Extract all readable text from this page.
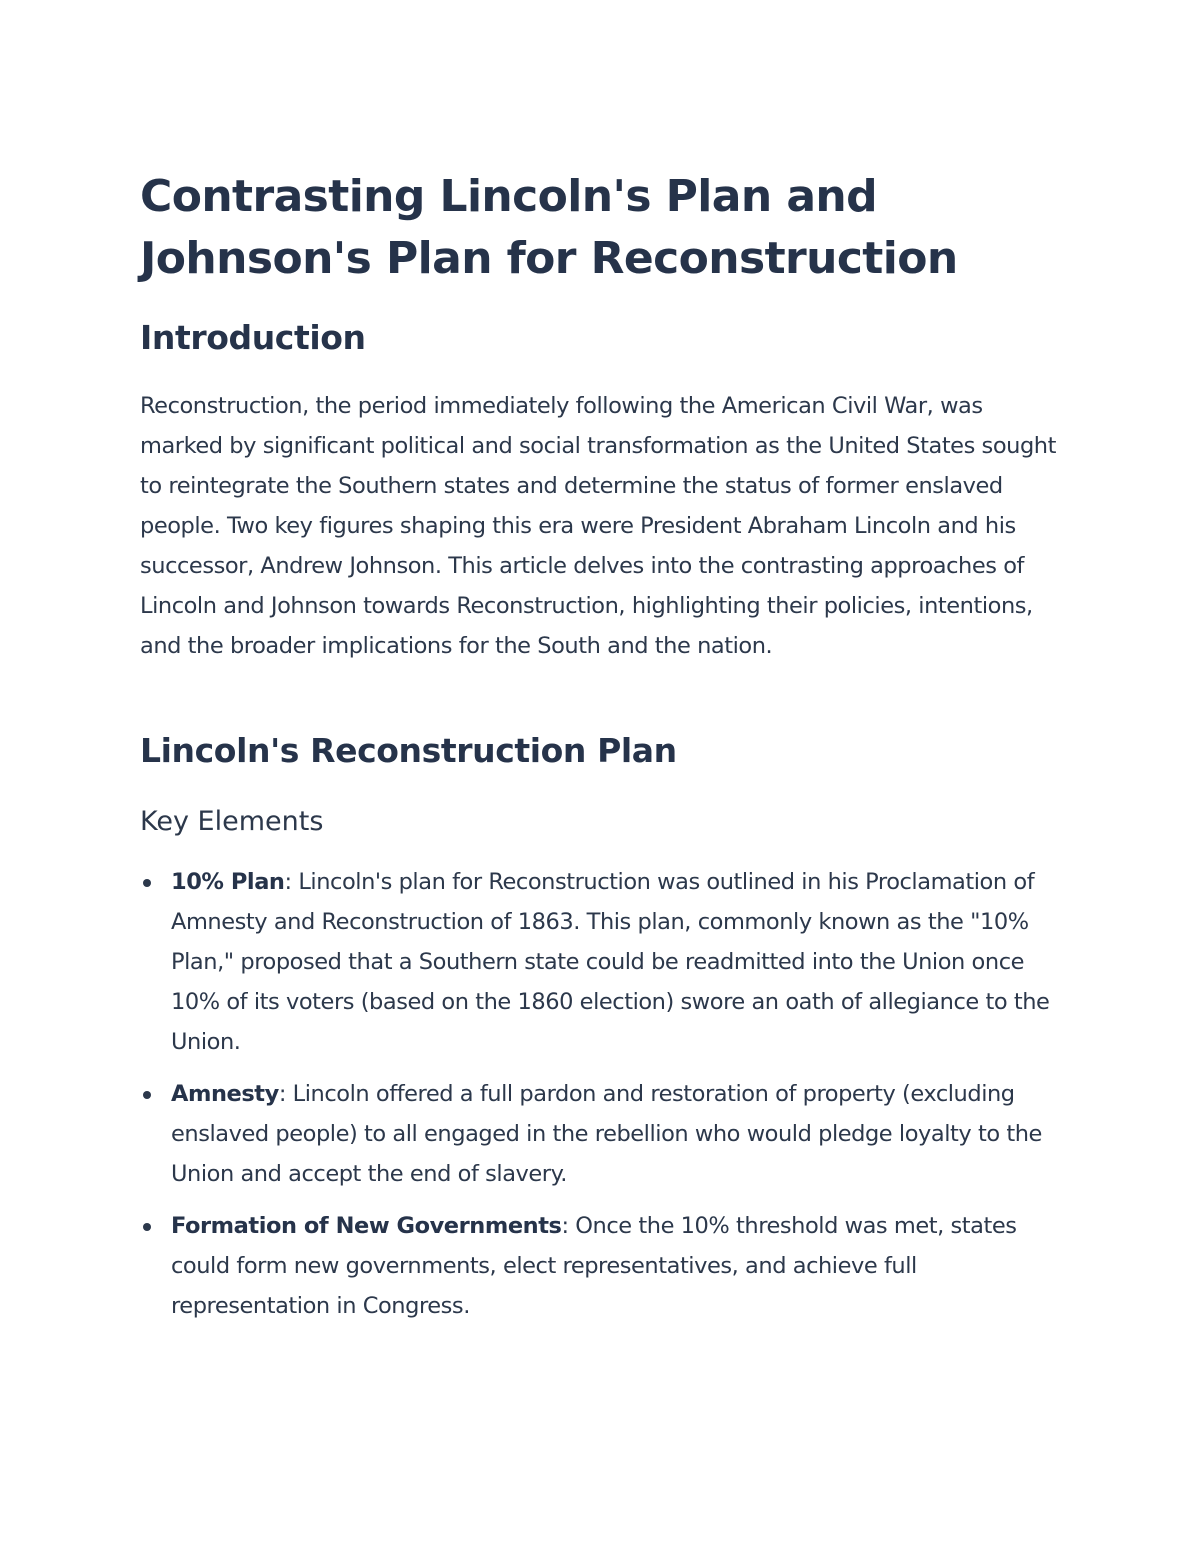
Contrasting Lincoln's Plan and Johnson's Plan for Reconstruction
Introduction

Reconstruction, the period immediately following the American Civil War, was marked by significant political and social transformation as the United States sought to reintegrate the Southern states and determine the status of former enslaved people. Two key figures shaping this era were President Abraham Lincoln and his successor, Andrew Johnson. This article delves into the contrasting approaches of Lincoln and Johnson towards Reconstruction, highlighting their policies, intentions, and the broader implications for the South and the nation.

Lincoln's Reconstruction Plan
Key Elements
10% Plan: Lincoln's plan for Reconstruction was outlined in his Proclamation of Amnesty and Reconstruction of 1863. This plan, commonly known as the "10% Plan," proposed that a Southern state could be readmitted into the Union once 10% of its voters (based on the 1860 election) swore an oath of allegiance to the Union.
Amnesty: Lincoln offered a full pardon and restoration of property (excluding enslaved people) to all engaged in the rebellion who would pledge loyalty to the Union and accept the end of slavery.
Formation of New Governments: Once the 10% threshold was met, states could form new governments, elect representatives, and achieve full representation in Congress.
